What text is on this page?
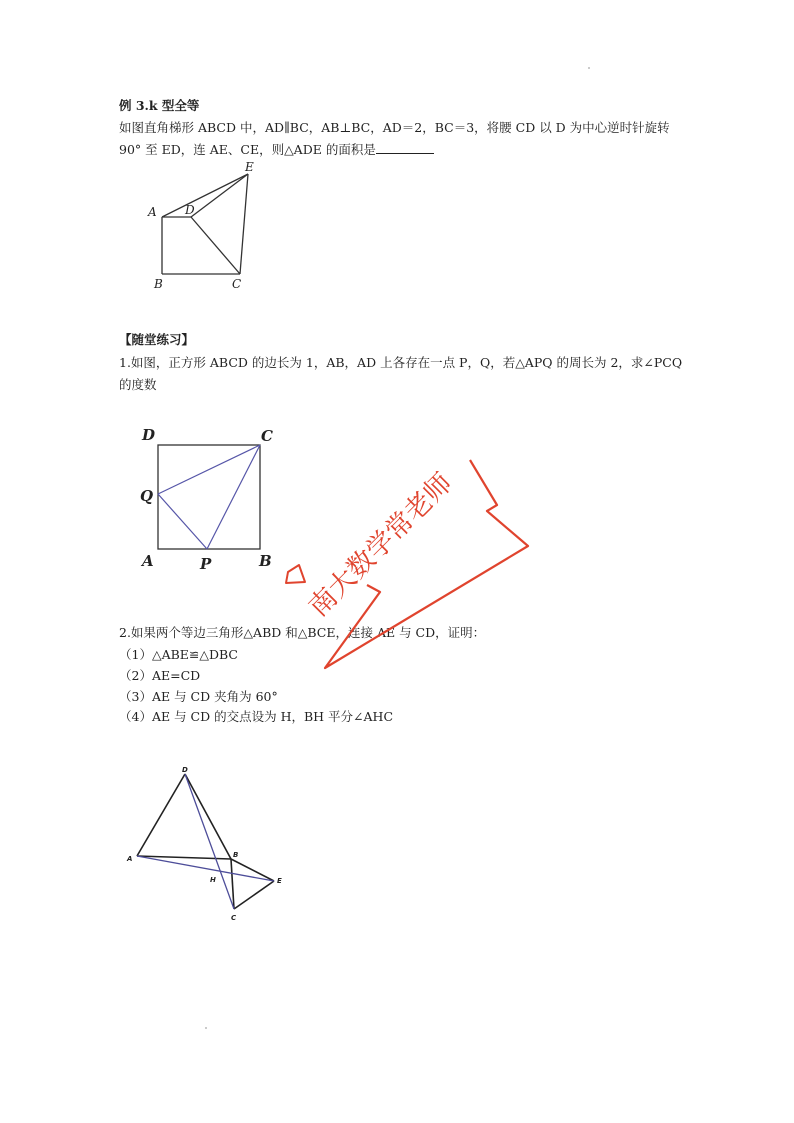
例 3.k 型全等
如图直角梯形 ABCD 中，AD∥BC，AB⊥BC，AD＝2，BC＝3，将腰 CD 以 D 为中心逆时针旋转
90° 至 ED，连 AE、CE，则△ADE 的面积是
A
B	C
D
E
【随堂练习】
1.如图，正方形 ABCD 的边长为 1，AB，AD 上各存在一点 P，Q，若△APQ 的周长为 2，求∠PCQ
的度数
D	C
Q
A	P	B
2.如果两个等边三角形△ABD 和△BCE，连接 AE 与 CD，证明：
（1）△ABE≌△DBC
（2）AE=CD
（3）AE 与 CD 夹角为 60°
（4）AE 与 CD 的交点设为 H，BH 平分∠AHC
D
A	B
H	E
C
南大数学常老师
